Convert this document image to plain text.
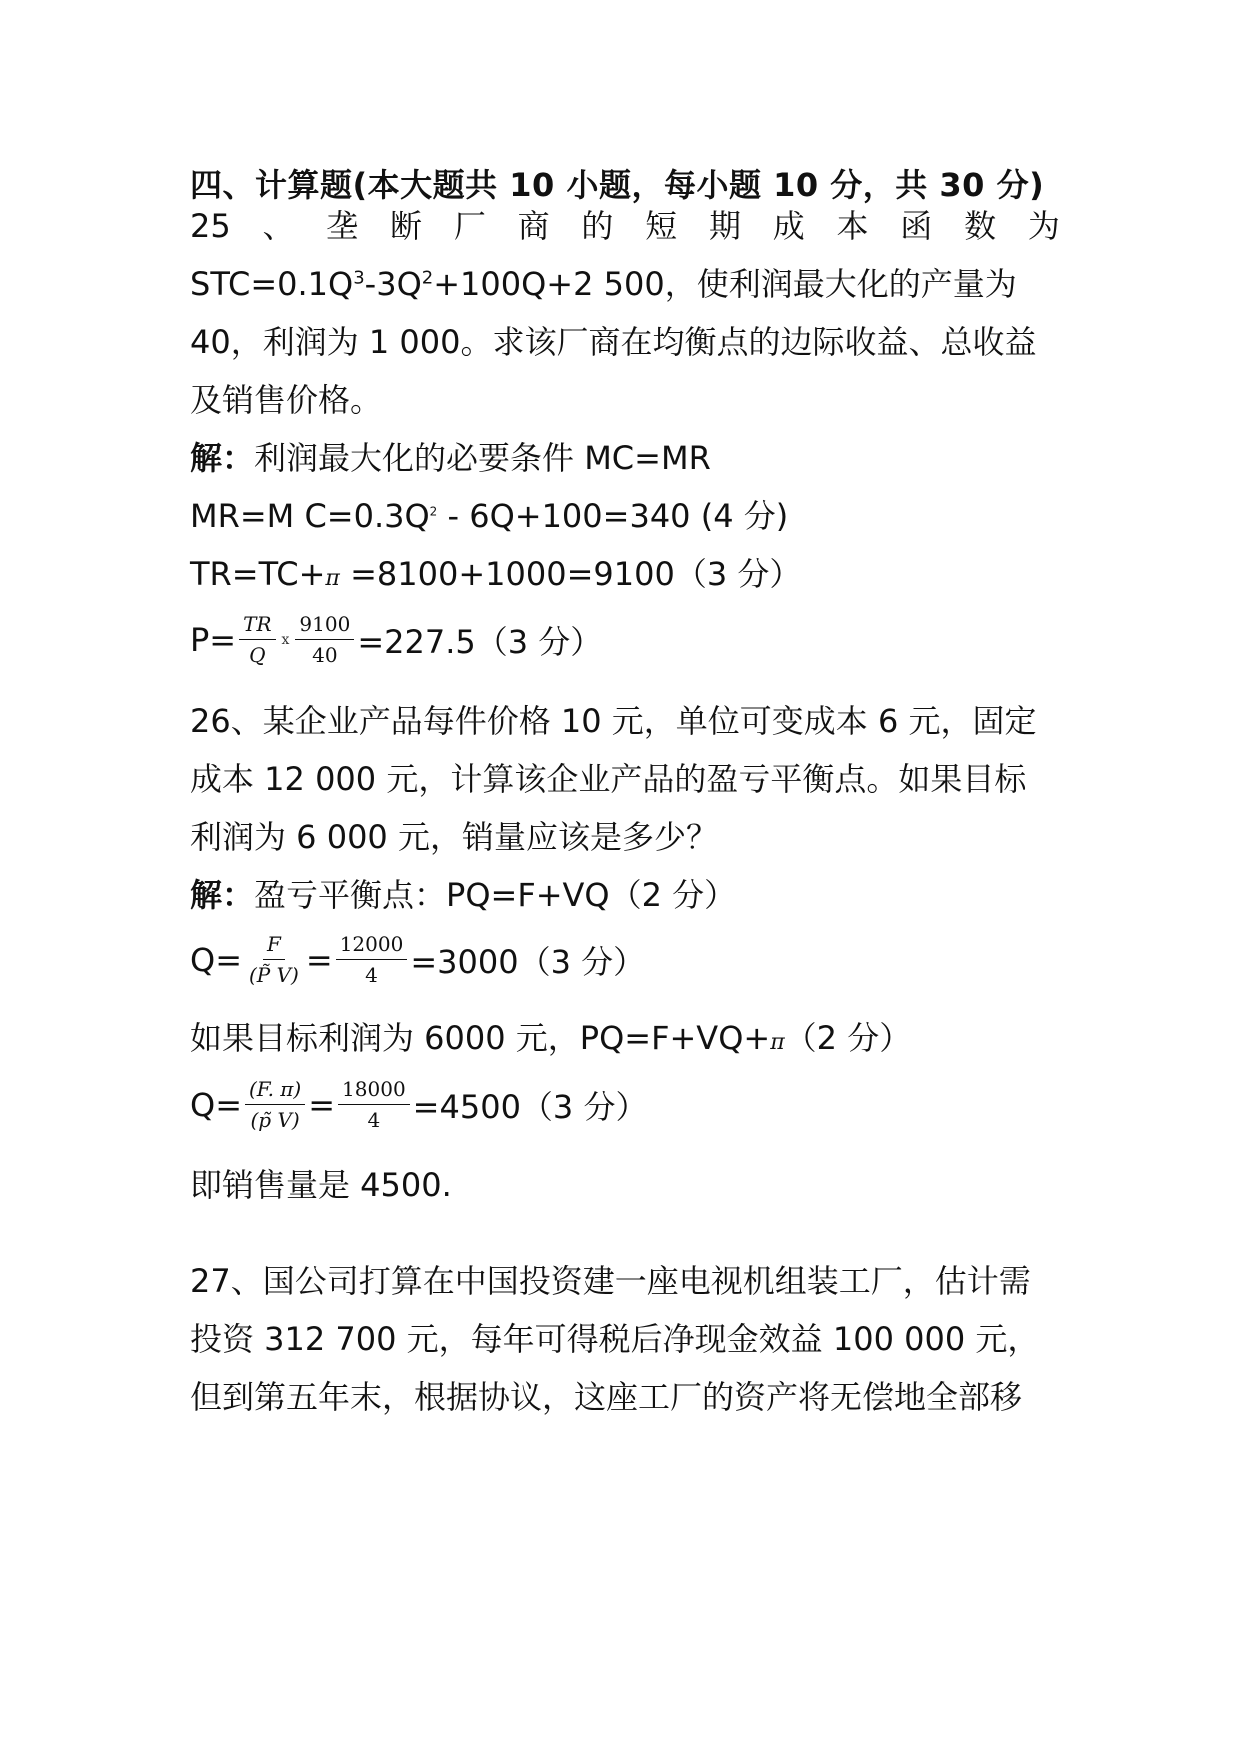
四、计算题(本大题共 10 小题，每小题 10 分，共 30 分)
25 、 垄 断 厂 商 的 短 期 成 本 函 数 为
$STC=0.1Q^3-3Q^2+100Q+2$ 500，使利润最大化的产量为
40，利润为 1 000。求该厂商在均衡点的边际收益、总收益
及销售价格。
解：利润最大化的必要条件 MC=MR
MR=M $C=0.3Q^2 - 6Q+100=340$ (4 分)
TR=TC+π =8100+1000=9100（3 分）
$P= \frac{TR}{Q}$ ⅹ $\frac{9100}{40} =227.5(3$ 分）
26、某企业产品每件价格 10 元，单位可变成本 6 元，固定
成本 12 000 元，计算该企业产品的盈亏平衡点。如果目标
利润为 6 000 元，销量应该是多少？
解：盈亏平衡点：PQ=F+VQ（2 分）
$Q= \frac{F}{(P̃ V)} = \frac{12000}{4} =3000(3$ 分）
如果目标利润为 6000 元，PQ=F+VQ+π（2 分）
$Q= \frac{(F. \pi)}{(p̃ V)} = \frac{18000}{4} =4500(3$ 分）
即销售量是 4500.
27、国公司打算在中国投资建一座电视机组装工厂，估计需
投资 312 700 元，每年可得税后净现金效益 100 000 元，
但到第五年末，根据协议，这座工厂的资产将无偿地全部移
